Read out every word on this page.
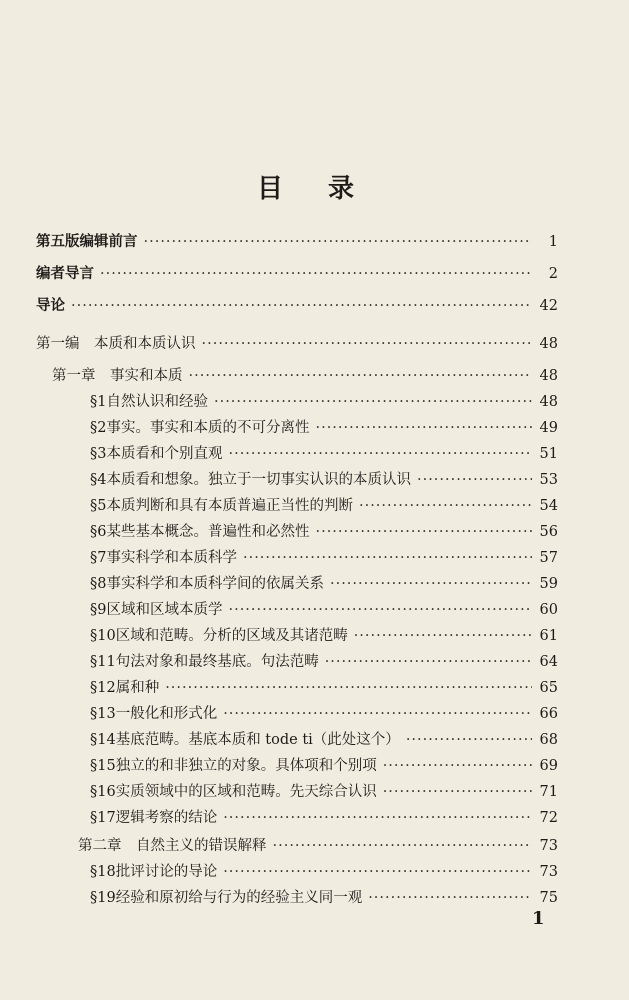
目 录
第五版编辑前言 ·····	1
编者导言 ·····	2
导论 ·····	42
第一编　本质和本质认识 ·····	48
第一章　事实和本质 ·····	48
§1 自然认识和经验 ·····	48
§2 事实。事实和本质的不可分离性 ·····	49
§3 本质看和个别直观 ·····	51
§4 本质看和想象。独立于一切事实认识的本质认识 ·····	53
§5 本质判断和具有本质普遍正当性的判断 ·····	54
§6 某些基本概念。普遍性和必然性 ·····	56
§7 事实科学和本质科学 ·····	57
§8 事实科学和本质科学间的依属关系 ·····	59
§9 区域和区域本质学 ·····	60
§10 区域和范畴。分析的区域及其诸范畴 ·····	61
§11 句法对象和最终基底。句法范畴 ·····	64
§12 属和种 ·····	65
§13 一般化和形式化 ·····	66
§14 基底范畴。基底本质和 tode ti（此处这个） ·····	68
§15 独立的和非独立的对象。具体项和个别项 ·····	69
§16 实质领域中的区域和范畴。先天综合认识 ·····	71
§17 逻辑考察的结论 ·····	72
第二章　自然主义的错误解释 ·····	73
§18 批评讨论的导论 ·····	73
§19 经验和原初给与行为的经验主义同一观 ·····	75
1
